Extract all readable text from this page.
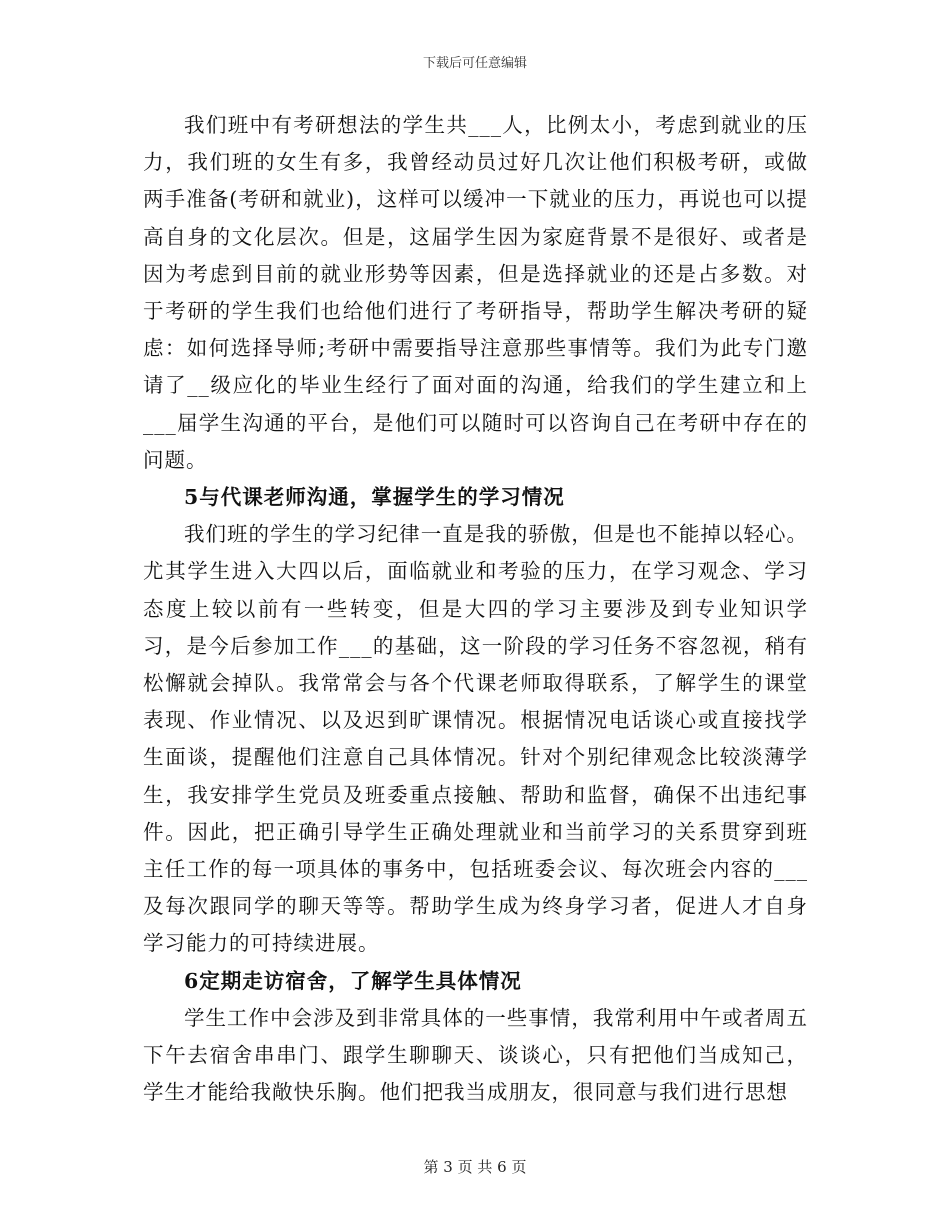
下载后可任意编辑

我们班中有考研想法的学生共___人，比例太小，考虑到就业的压力，我们班的女生有多，我曾经动员过好几次让他们积极考研，或做两手准备(考研和就业)，这样可以缓冲一下就业的压力，再说也可以提高自身的文化层次。但是，这届学生因为家庭背景不是很好、或者是因为考虑到目前的就业形势等因素，但是选择就业的还是占多数。对于考研的学生我们也给他们进行了考研指导，帮助学生解决考研的疑虑：如何选择导师;考研中需要指导注意那些事情等。我们为此专门邀请了__级应化的毕业生经行了面对面的沟通，给我们的学生建立和上___届学生沟通的平台，是他们可以随时可以咨询自己在考研中存在的问题。

5与代课老师沟通，掌握学生的学习情况

我们班的学生的学习纪律一直是我的骄傲，但是也不能掉以轻心。尤其学生进入大四以后，面临就业和考验的压力，在学习观念、学习态度上较以前有一些转变，但是大四的学习主要涉及到专业知识学习，是今后参加工作___的基础，这一阶段的学习任务不容忽视，稍有松懈就会掉队。我常常会与各个代课老师取得联系，了解学生的课堂表现、作业情况、以及迟到旷课情况。根据情况电话谈心或直接找学生面谈，提醒他们注意自己具体情况。针对个别纪律观念比较淡薄学生，我安排学生党员及班委重点接触、帮助和监督，确保不出违纪事件。因此，把正确引导学生正确处理就业和当前学习的关系贯穿到班主任工作的每一项具体的事务中，包括班委会议、每次班会内容的___及每次跟同学的聊天等等。帮助学生成为终身学习者，促进人才自身学习能力的可持续进展。

6定期走访宿舍，了解学生具体情况

学生工作中会涉及到非常具体的一些事情，我常利用中午或者周五下午去宿舍串串门、跟学生聊聊天、谈谈心，只有把他们当成知己，学生才能给我敞快乐胸。他们把我当成朋友，很同意与我们进行思想

第 3 页 共 6 页
